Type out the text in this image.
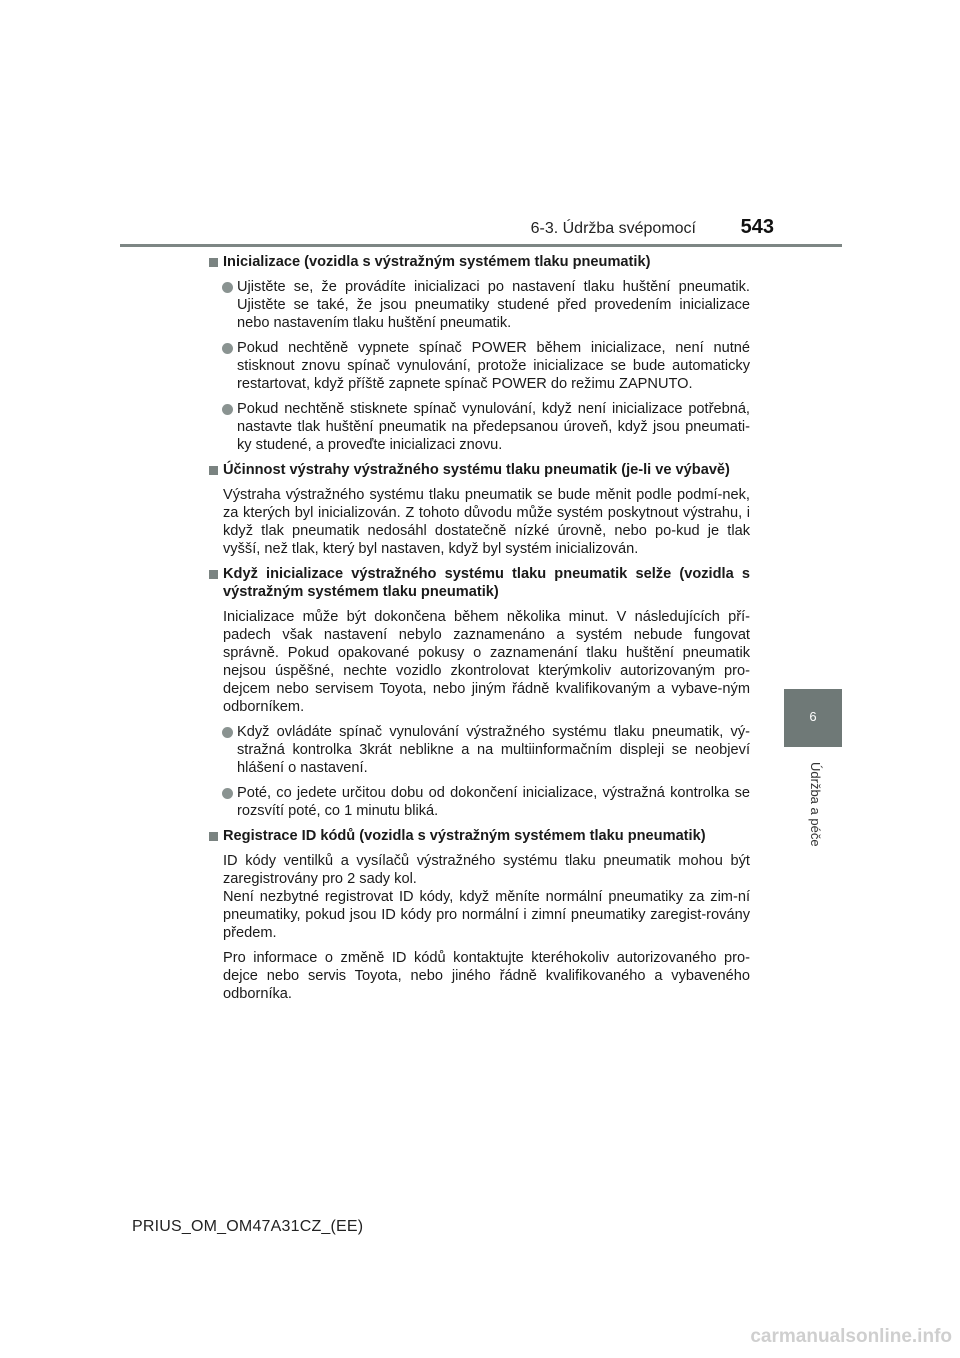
6-3. Údržba svépomocí 543
6
Údržba a péče
Inicializace (vozidla s výstražným systémem tlaku pneumatik)
Ujistěte se, že provádíte inicializaci po nastavení tlaku huštění pneumatik. Ujistěte se také, že jsou pneumatiky studené před provedením inicializace nebo nastavením tlaku huštění pneumatik.
Pokud nechtěně vypnete spínač POWER během inicializace, není nutné stisknout znovu spínač vynulování, protože inicializace se bude automaticky restartovat, když příště zapnete spínač POWER do režimu ZAPNUTO.
Pokud nechtěně stisknete spínač vynulování, když není inicializace potřebná, nastavte tlak huštění pneumatik na předepsanou úroveň, když jsou pneumati-ky studené, a proveďte inicializaci znovu.
Účinnost výstrahy výstražného systému tlaku pneumatik (je-li ve výbavě)
Výstraha výstražného systému tlaku pneumatik se bude měnit podle podmí-nek, za kterých byl inicializován. Z tohoto důvodu může systém poskytnout výstrahu, i když tlak pneumatik nedosáhl dostatečně nízké úrovně, nebo po-kud je tlak vyšší, než tlak, který byl nastaven, když byl systém inicializován.
Když inicializace výstražného systému tlaku pneumatik selže (vozidla s výstražným systémem tlaku pneumatik)
Inicializace může být dokončena během několika minut. V následujících pří-padech však nastavení nebylo zaznamenáno a systém nebude fungovat správně. Pokud opakované pokusy o zaznamenání tlaku huštění pneumatik nejsou úspěšné, nechte vozidlo zkontrolovat kterýmkoliv autorizovaným pro-dejcem nebo servisem Toyota, nebo jiným řádně kvalifikovaným a vybave-ným odborníkem.
Když ovládáte spínač vynulování výstražného systému tlaku pneumatik, vý-stražná kontrolka 3krát neblikne a na multiinformačním displeji se neobjeví hlášení o nastavení.
Poté, co jedete určitou dobu od dokončení inicializace, výstražná kontrolka se rozsvítí poté, co 1 minutu bliká.
Registrace ID kódů (vozidla s výstražným systémem tlaku pneumatik)
ID kódy ventilků a vysílačů výstražného systému tlaku pneumatik mohou být zaregistrovány pro 2 sady kol.
Není nezbytné registrovat ID kódy, když měníte normální pneumatiky za zim-ní pneumatiky, pokud jsou ID kódy pro normální i zimní pneumatiky zaregist-rovány předem.
Pro informace o změně ID kódů kontaktujte kteréhokoliv autorizovaného pro-dejce nebo servis Toyota, nebo jiného řádně kvalifikovaného a vybaveného odborníka.
PRIUS_OM_OM47A31CZ_(EE)
carmanualsonline.info
